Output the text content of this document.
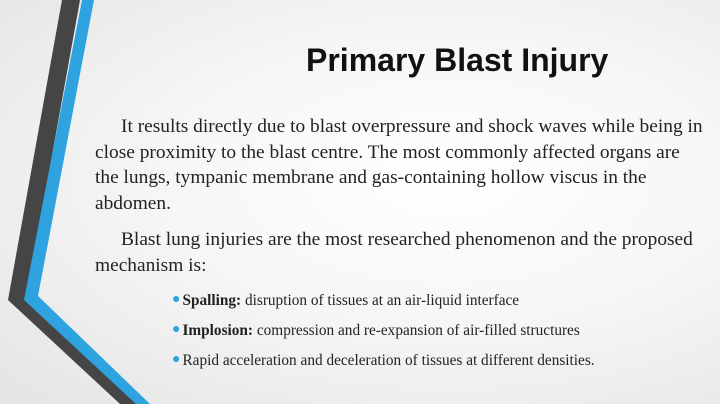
Primary Blast Injury

It results directly due to blast overpressure and shock waves while being in close proximity to the blast centre. The most commonly affected organs are the lungs, tympanic membrane and gas-containing hollow viscus in the abdomen.

Blast lung injuries are the most researched phenomenon and the proposed mechanism is:

● Spalling: disruption of tissues at an air-liquid interface
● Implosion: compression and re-expansion of air-filled structures
● Rapid acceleration and deceleration of tissues at different densities.
